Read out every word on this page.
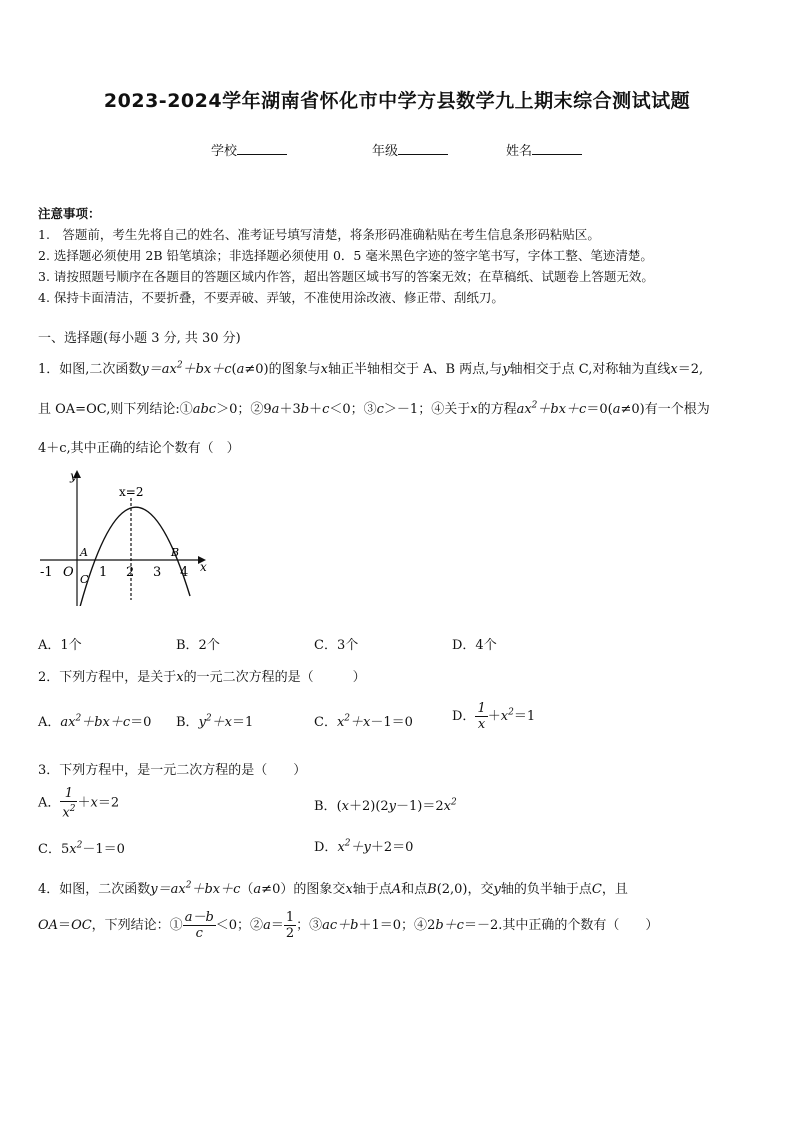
2023-2024学年湖南省怀化市中学方县数学九上期末综合测试试题
学校	年级	姓名
注意事项：
1.　答题前，考生先将自己的姓名、准考证号填写清楚，将条形码准确粘贴在考生信息条形码粘贴区。
2. 选择题必须使用 2B 铅笔填涂；非选择题必须使用 0．5 毫米黑色字迹的签字笔书写，字体工整、笔迹清楚。
3. 请按照题号顺序在各题目的答题区域内作答，超出答题区域书写的答案无效；在草稿纸、试题卷上答题无效。
4. 保持卡面清洁，不要折叠，不要弄破、弄皱，不准使用涂改液、修正带、刮纸刀。
一、选择题(每小题 3 分, 共 30 分)
1．如图,二次函数$y=ax^2+bx+c(a\ne 0)$的图象与x轴正半轴相交于 A、B 两点,与y轴相交于点 C,对称轴为直线x＝2,
且 OA=OC,则下列结论:①abc＞0；②9a＋3b＋c＜0；③c＞－1；④关于x的方程$ax^2+bx+c=0(a\ne 0)$有一个根为
4＋c,其中正确的结论个数有（　）
y
x
x=2
-1 O 1 2 3 4
A	B
C
A．1个	B．2个	C．3个	D．4个
2．下列方程中，是关于x的一元二次方程的是（　　　）
A．$ax^2+bx+c=0$ B．$y^2+x=1$	C．$x^2+x-1=0$	D． $\frac{1}{x} +x^2=1$
3．下列方程中，是一元二次方程的是（　　）
A． $\frac{1}{x^2} +x=2$	B．$(x+2)(2y-1)=2x^2$
C．$5x^2-1=0$	D．$x^2+y+2=0$
4．如图，二次函数$y=ax^2+bx+c(a\ne 0)$的图象交x轴于点A和点B(2,0)，交y轴的负半轴于点C，且
OA＝OC，下列结论：① $\frac{a-b}{c} <0$；②a＝ $\frac{1}{2}$ ；③ac＋b＋1＝0；④2b＋c＝－2.其中正确的个数有（　　）
